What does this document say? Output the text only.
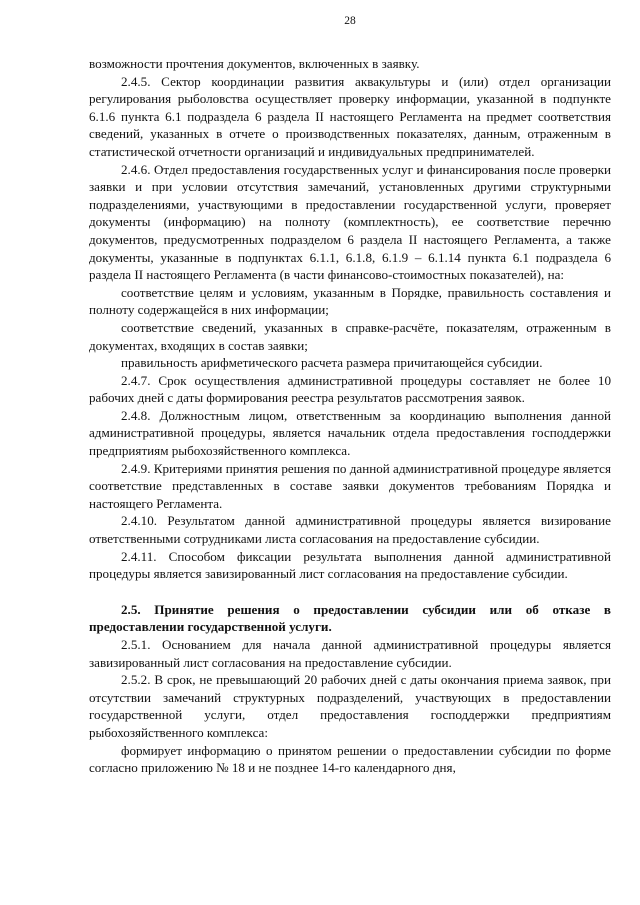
28

возможности прочтения документов, включенных в заявку.

2.4.5. Сектор координации развития аквакультуры и (или) отдел организации регулирования рыболовства осуществляет проверку информации, указанной в подпункте 6.1.6 пункта 6.1 подраздела 6 раздела II настоящего Регламента на предмет соответствия сведений, указанных в отчете о производственных показателях, данным, отраженным в статистической отчетности организаций и индивидуальных предпринимателей.

2.4.6. Отдел предоставления государственных услуг и финансирования после проверки заявки и при условии отсутствия замечаний, установленных другими структурными подразделениями, участвующими в предоставлении государственной услуги, проверяет документы (информацию) на полноту (комплектность), ее соответствие перечню документов, предусмотренных подразделом 6 раздела II настоящего Регламента, а также документы, указанные в подпунктах 6.1.1, 6.1.8, 6.1.9 – 6.1.14 пункта 6.1 подраздела 6 раздела II настоящего Регламента (в части финансово-стоимостных показателей), на:

соответствие целям и условиям, указанным в Порядке, правильность составления и полноту содержащейся в них информации;

соответствие сведений, указанных в справке-расчёте, показателям, отраженным в документах, входящих в состав заявки;

правильность арифметического расчета размера причитающейся субсидии.

2.4.7. Срок осуществления административной процедуры составляет не более 10 рабочих дней с даты формирования реестра результатов рассмотрения заявок.

2.4.8. Должностным лицом, ответственным за координацию выполнения данной административной процедуры, является начальник отдела предоставления господдержки предприятиям рыбохозяйственного комплекса.

2.4.9. Критериями принятия решения по данной административной процедуре является соответствие представленных в составе заявки документов требованиям Порядка и настоящего Регламента.

2.4.10. Результатом данной административной процедуры является визирование ответственными сотрудниками листа согласования на предоставление субсидии.

2.4.11. Способом фиксации результата выполнения данной административной процедуры является завизированный лист согласования на предоставление субсидии.

2.5. Принятие решения о предоставлении субсидии или об отказе в предоставлении государственной услуги.

2.5.1. Основанием для начала данной административной процедуры является завизированный лист согласования на предоставление субсидии.

2.5.2. В срок, не превышающий 20 рабочих дней с даты окончания приема заявок, при отсутствии замечаний структурных подразделений, участвующих в предоставлении государственной услуги, отдел предоставления господдержки предприятиям рыбохозяйственного комплекса:

формирует информацию о принятом решении о предоставлении субсидии по форме согласно приложению № 18 и не позднее 14-го календарного дня,
